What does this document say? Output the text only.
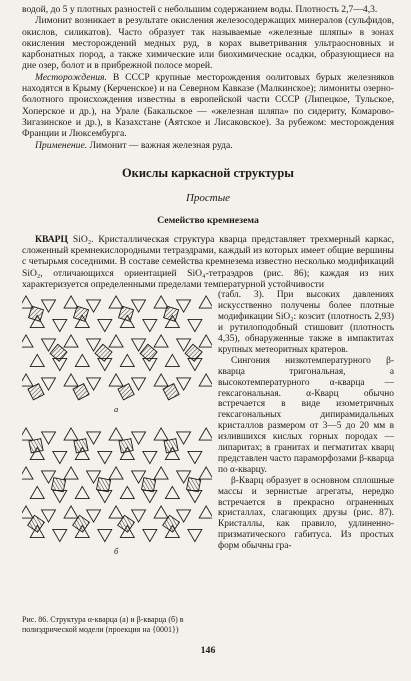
водой, до 5 у плотных разностей с небольшим содержанием воды. Плотность 2,7—4,3.

Лимонит возникает в результате окисления железосодержащих минералов (сульфидов, окислов, силикатов). Часто образует так называемые «железные шляпы» в зонах окисления месторождений медных руд, в корах выветривания ультраосновных и карбонатных пород, а также химические или биохимические осадки, образующиеся на дне озер, болот и в прибрежной полосе морей.

Месторождения. В СССР крупные месторождения оолитовых бурых железняков находятся в Крыму (Керченское) и на Северном Кавказе (Малкинское); лимониты озерно-болотного происхождения известны в европейской части СССР (Липецкое, Тульское, Хоперское и др.), на Урале (Бакальское — «железная шляпа» по сидериту, Комарово-Зигазинское и др.), в Казахстане (Аятское и Лисаковское). За рубежом: месторождения Франции и Люксембурга.

Применение. Лимонит — важная железная руда.

Окислы каркасной структуры
Простые
Семейство кремнезема

КВАРЦ SiO₂. Кристаллическая структура кварца представляет трехмерный каркас, сложенный кремнекислородными тетраэдрами, каждый из которых имеет общие вершины с четырьмя соседними. В составе семейства кремнезема известно несколько модификаций SiO₂, отличающихся ориентацией SiO₄-тетраэдров (рис. 86); каждая из них характеризуется определенными пределами температурной устойчивости

а
б

Рис. 86. Структура α-кварца (а) и β-кварца (б) в полиэдрической модели (проекция на {0001})

(табл. 3). При высоких давлениях искусственно получены более плотные модификации SiO₂: коэсит (плотность 2,93) и рутилоподобный стишовит (плотность 4,35), обнаруженные также в импактитах крупных метеоритных кратеров.

Сингония низкотемпературного β-кварца тригональная, а высокотемпературного α-кварца — гексагональная. α-Кварц обычно встречается в виде изометричных гексагональных дипирамидальных кристаллов размером от 3—5 до 20 мм в излившихся кислых горных породах — липаритах; в гранитах и пегматитах кварц представлен часто параморфозами β-кварца по α-кварцу.

β-Кварц образует в основном сплошные массы и зернистые агрегаты, нередко встречается в прекрасно ограненных кристаллах, слагающих друзы (рис. 87). Кристаллы, как правило, удлиненно-призматического габитуса. Из простых форм обычны гра-

146
